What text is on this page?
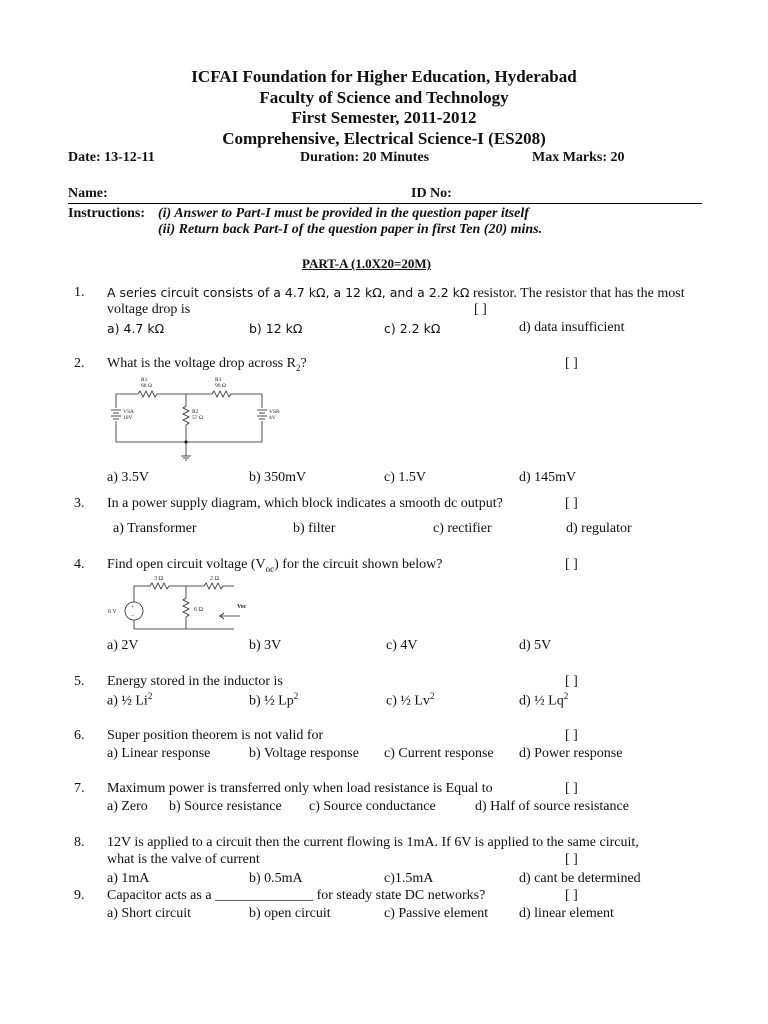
ICFAI Foundation for Higher Education, Hyderabad
Faculty of Science and Technology
First Semester, 2011-2012
Comprehensive, Electrical Science-I (ES208)
Date: 13-12-11	Duration: 20 Minutes	Max Marks: 20
Name:	ID No:
Instructions: (i) Answer to Part-I must be provided in the question paper itself
(ii) Return back Part-I of the question paper in first Ten (20) mins.
PART-A (1.0X20=20M)
1. A series circuit consists of a 4.7 kΩ, a 12 kΩ, and a 2.2 kΩ resistor. The resistor that has the most
voltage drop is	[ ]
a) 4.7 kΩ	b) 12 kΩ	c) 2.2 kΩ	d) data insufficient
2. What is the voltage drop across $R_2$?	[ ]
R1
68 Ω
R3
90 Ω
R2
57 Ω
VSA
10V
VSB
4V
a) 3.5V	b) 350mV	c) 1.5V	d) 145mV
3. In a power supply diagram, which block indicates a smooth dc output?	[ ]
a) Transformer	b) filter	c) rectifier	d) regulator
4. Find open circuit voltage $(V_{oc})$ for the circuit shown below?	[ ]
+
−
3 Ω	2 Ω
6 Ω
6 V
Voc
a) 2V	b) 3V	c) 4V	d) 5V
5. Energy stored in the inductor is	[ ]
a) ½ Li$^2$	b) ½ Lp$^2$	c) ½ Lv$^2$	d) ½ Lq$^2$
6. Super position theorem is not valid for	[ ]
a) Linear response	b) Voltage response c) Current response d) Power response
7. Maximum power is transferred only when load resistance is Equal to	[ ]
a) Zero b) Source resistance c) Source conductance	d) Half of source resistance
8. 12V is applied to a circuit then the current flowing is 1mA. If 6V is applied to the same circuit,
what is the valve of current	[ ]
a) 1mA	b) 0.5mA	c)1.5mA	d) cant be determined
9. Capacitor acts as a ______________ for steady state DC networks?	[ ]
a) Short circuit	b) open circuit	c) Passive element d) linear element
